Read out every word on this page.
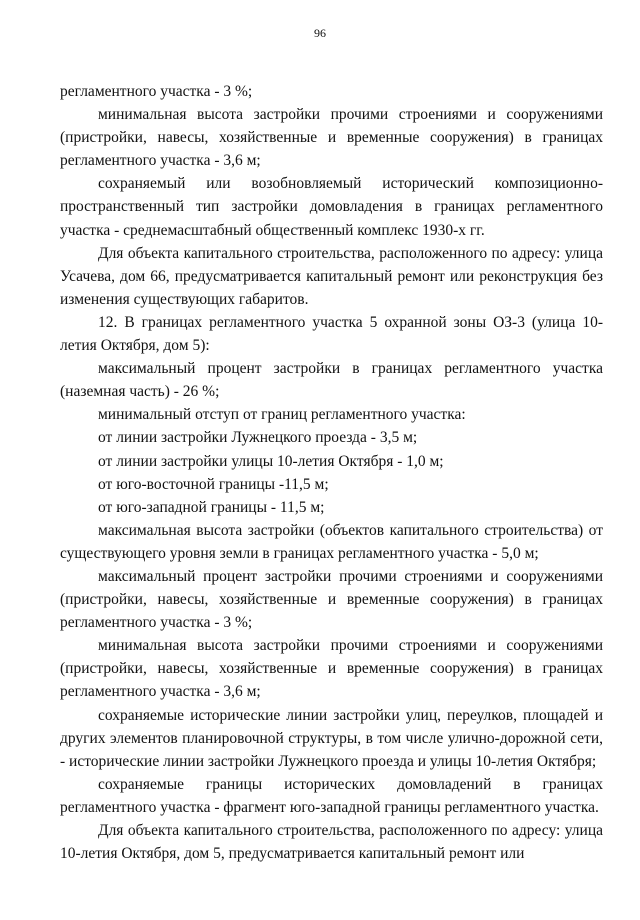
96

регламентного участка - 3 %;

минимальная высота застройки прочими строениями и сооружениями (пристройки, навесы, хозяйственные и временные сооружения) в границах регламентного участка - 3,6 м;

сохраняемый или возобновляемый исторический композиционно-пространственный тип застройки домовладения в границах регламентного участка - среднемасштабный общественный комплекс 1930-х гг.

Для объекта капитального строительства, расположенного по адресу: улица Усачева, дом 66, предусматривается капитальный ремонт или реконструкция без изменения существующих габаритов.

12. В границах регламентного участка 5 охранной зоны ОЗ-3 (улица 10-летия Октября, дом 5):

максимальный процент застройки в границах регламентного участка (наземная часть) - 26 %;

минимальный отступ от границ регламентного участка:

от линии застройки Лужнецкого проезда - 3,5 м;

от линии застройки улицы 10-летия Октября - 1,0 м;

от юго-восточной границы -11,5 м;

от юго-западной границы - 11,5 м;

максимальная высота застройки (объектов капитального строительства) от существующего уровня земли в границах регламентного участка - 5,0 м;

максимальный процент застройки прочими строениями и сооружениями (пристройки, навесы, хозяйственные и временные сооружения) в границах регламентного участка - 3 %;

минимальная высота застройки прочими строениями и сооружениями (пристройки, навесы, хозяйственные и временные сооружения) в границах регламентного участка - 3,6 м;

сохраняемые исторические линии застройки улиц, переулков, площадей и других элементов планировочной структуры, в том числе улично-дорожной сети, - исторические линии застройки Лужнецкого проезда и улицы 10-летия Октября;

сохраняемые границы исторических домовладений в границах регламентного участка - фрагмент юго-западной границы регламентного участка.

Для объекта капитального строительства, расположенного по адресу: улица 10-летия Октября, дом 5, предусматривается капитальный ремонт или
